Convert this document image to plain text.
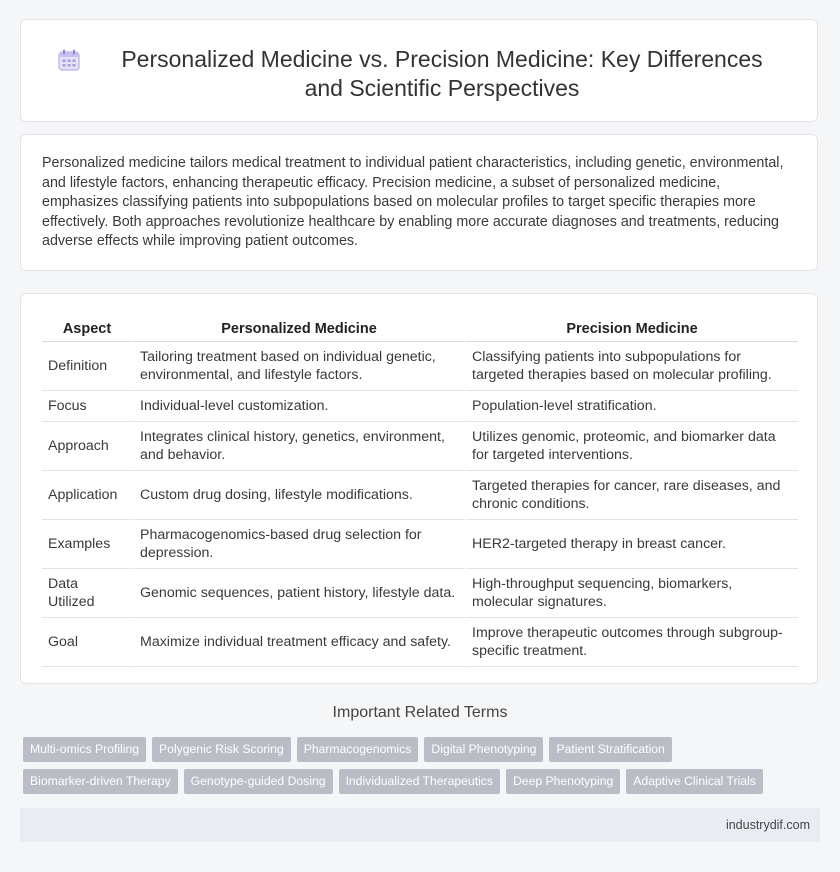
Personalized Medicine vs. Precision Medicine: Key Differences and Scientific Perspectives

Personalized medicine tailors medical treatment to individual patient characteristics, including genetic, environmental, and lifestyle factors, enhancing therapeutic efficacy. Precision medicine, a subset of personalized medicine, emphasizes classifying patients into subpopulations based on molecular profiles to target specific therapies more effectively. Both approaches revolutionize healthcare by enabling more accurate diagnoses and treatments, reducing adverse effects while improving patient outcomes.

Aspect	Personalized Medicine	Precision Medicine
Definition	Tailoring treatment based on individual genetic, environmental, and lifestyle factors.	Classifying patients into subpopulations for targeted therapies based on molecular profiling.
Focus	Individual-level customization.	Population-level stratification.
Approach	Integrates clinical history, genetics, environment, and behavior.	Utilizes genomic, proteomic, and biomarker data for targeted interventions.
Application	Custom drug dosing, lifestyle modifications.	Targeted therapies for cancer, rare diseases, and chronic conditions.
Examples	Pharmacogenomics-based drug selection for depression.	HER2-targeted therapy in breast cancer.
Data Utilized	Genomic sequences, patient history, lifestyle data.	High-throughput sequencing, biomarkers, molecular signatures.
Goal	Maximize individual treatment efficacy and safety.	Improve therapeutic outcomes through subgroup-specific treatment.
Important Related Terms
Multi-omics Profiling Polygenic Risk Scoring Pharmacogenomics Digital Phenotyping Patient Stratification
Biomarker-driven Therapy Genotype-guided Dosing Individualized Therapeutics Deep Phenotyping Adaptive Clinical Trials
industrydif.com
